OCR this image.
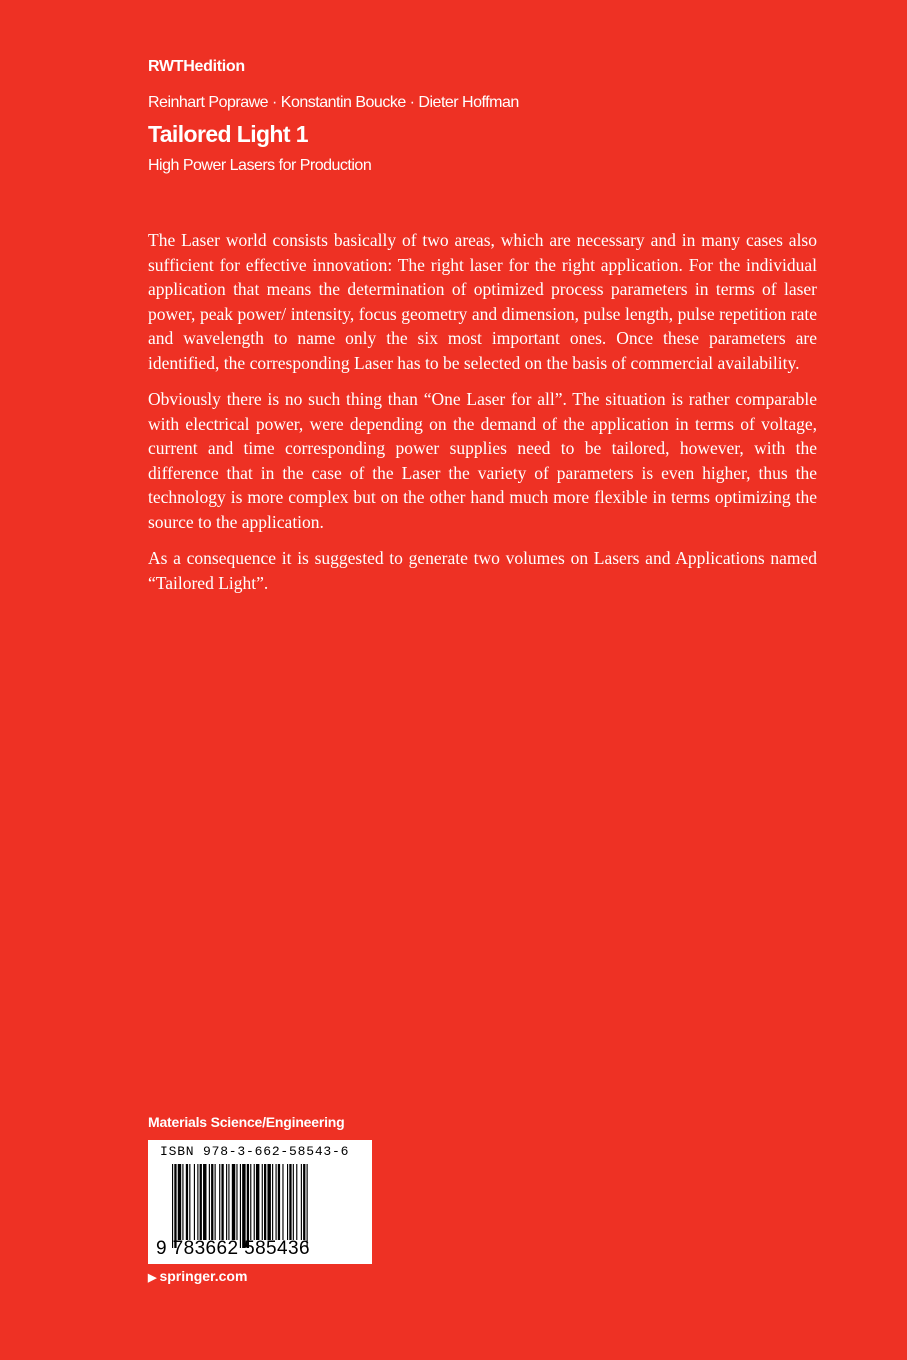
RWTHedition
Reinhart Poprawe · Konstantin Boucke · Dieter Hoffman
Tailored Light 1
High Power Lasers for Production

The Laser world consists basically of two areas, which are necessary and in many cases also sufficient for effective innovation: The right laser for the right application. For the individual application that means the determination of optimized process parameters in terms of laser power, peak power/ intensity, focus geometry and dimension, pulse length, pulse repetition rate and wavelength to name only the six most important ones. Once these parameters are identified, the corresponding Laser has to be selected on the basis of commercial availability.

Obviously there is no such thing than “One Laser for all”. The situation is rather comparable with electrical power, were depending on the demand of the application in terms of voltage, current and time corresponding power supplies need to be tailored, however, with the difference that in the case of the Laser the variety of parameters is even higher, thus the technology is more complex but on the other hand much more flexible in terms optimizing the source to the application.

As a consequence it is suggested to generate two volumes on Lasers and Applications named “Tailored Light”.

Materials Science/Engineering
ISBN 978-3-662-58543-6
9 783662 585436
▶ springer.com
